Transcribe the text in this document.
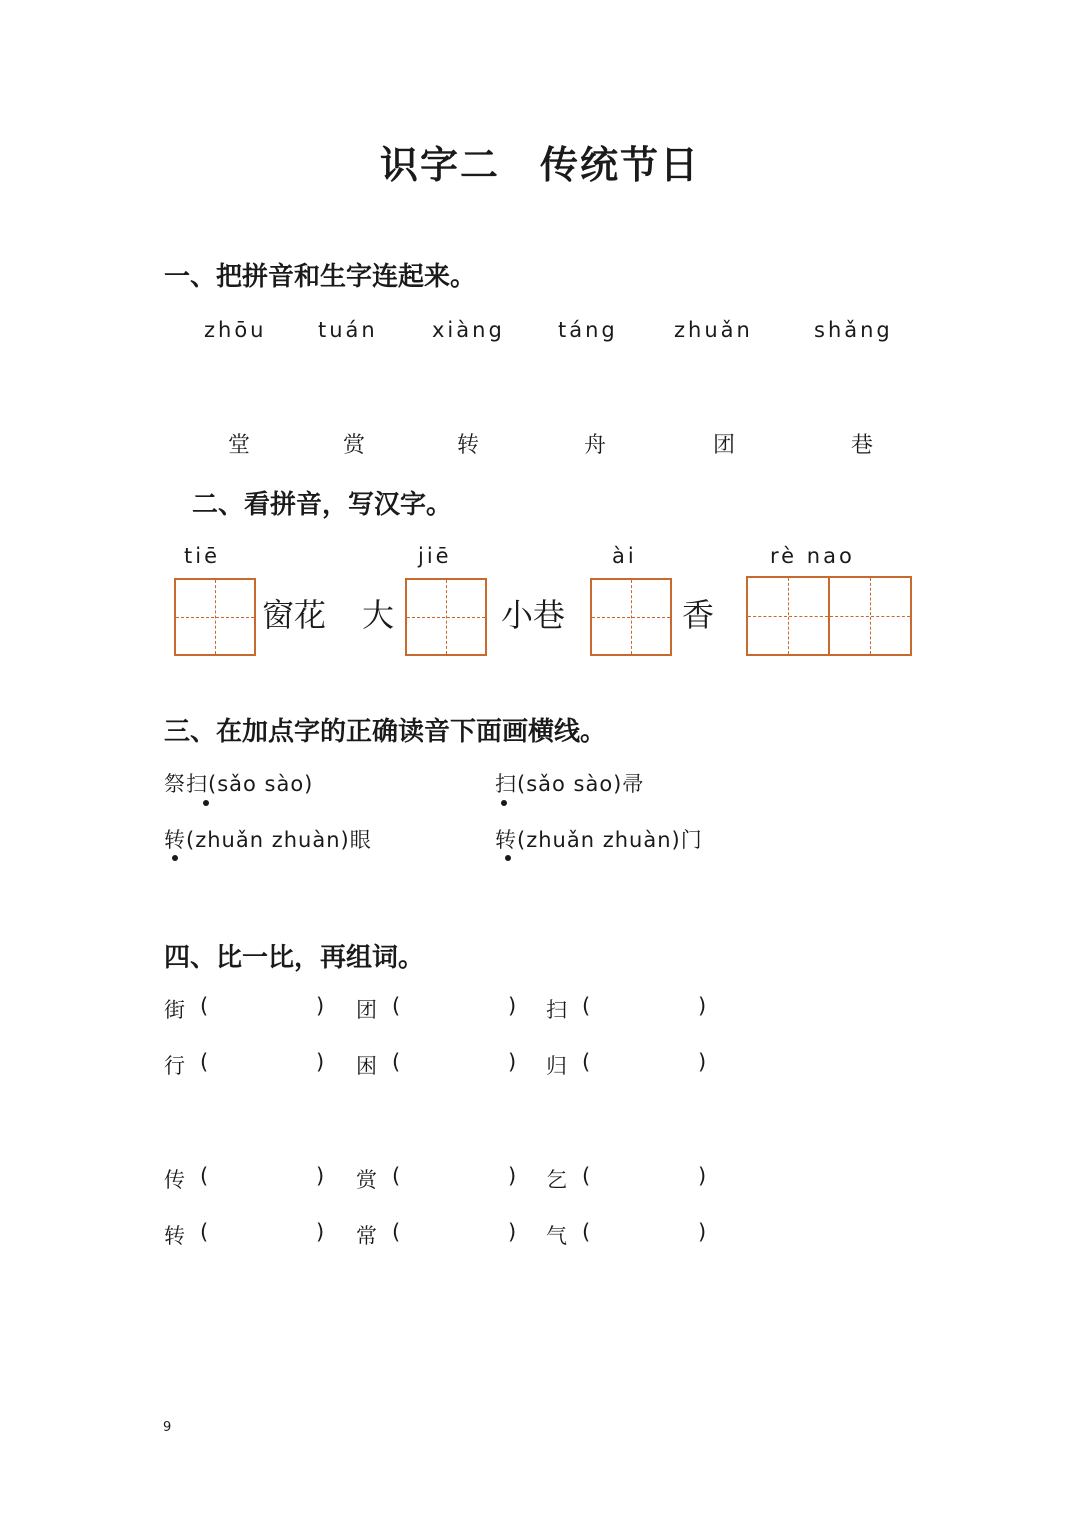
识字二　传统节日
一、把拼音和生字连起来。
zhōu tuán	xiàng	táng	zhuǎn	shǎng
堂	赏	转	舟	团	巷
二、看拼音，写汉字。
tiē	jiē	ài	rè nao
窗花 大	小巷	香
三、在加点字的正确读音下面画横线。
祭扫(sǎo sào)	扫(sǎo sào)帚
转(zhuǎn zhuàn)眼	转(zhuǎn zhuàn)门
四、比一比，再组词。
街 (	) 团 (	) 扫 (	)
行 (	) 困 (	) 归 (	)
传 (	) 赏 (	) 乞 (	)
转 (	) 常 (	) 气 (	)
9
